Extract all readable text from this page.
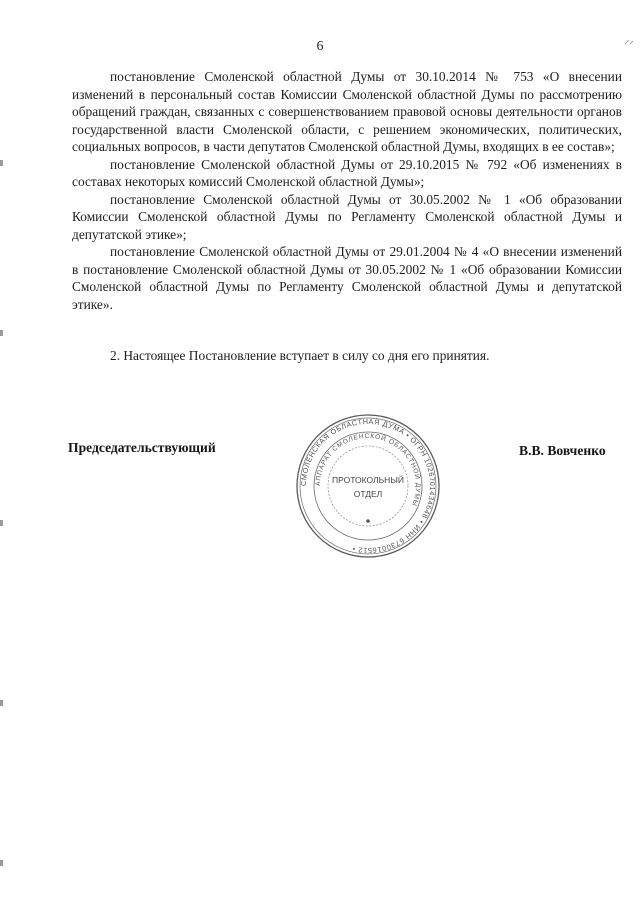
6

постановление Смоленской областной Думы от 30.10.2014 № 753 «О внесении изменений в персональный состав Комиссии Смоленской областной Думы по рассмотрению обращений граждан, связанных с совершенствованием правовой основы деятельности органов государственной власти Смоленской области, с решением экономических, политических, социальных вопросов, в части депутатов Смоленской областной Думы, входящих в ее состав»;

постановление Смоленской областной Думы от 29.10.2015 № 792 «Об изменениях в составах некоторых комиссий Смоленской областной Думы»;

постановление Смоленской областной Думы от 30.05.2002 № 1 «Об образовании Комиссии Смоленской областной Думы по Регламенту Смоленской областной Думы и депутатской этике»;

постановление Смоленской областной Думы от 29.01.2004 № 4 «О внесении изменений в постановление Смоленской областной Думы от 30.05.2002 № 1 «Об образовании Комиссии Смоленской областной Думы по Регламенту Смоленской областной Думы и депутатской этике».

2. Настоящее Постановление вступает в силу со дня его принятия.

Председательствующий
СМОЛЕНСКАЯ ОБЛАСТНАЯ ДУМА • ОГРН 1026701434648 • ИНН 6730016512 •
АППАРАТ СМОЛЕНСКОЙ ОБЛАСТНОЙ ДУМЫ
ПРОТОКОЛЬНЫЙ
ОТДЕЛ
В.В. Вовченко
